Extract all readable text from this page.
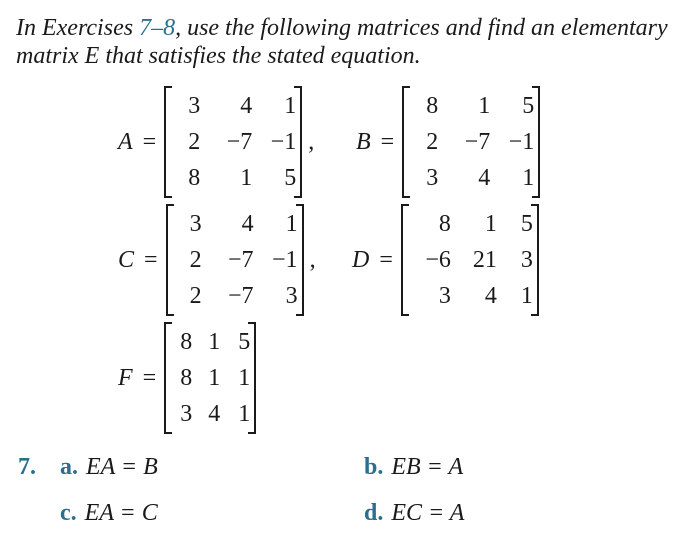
In Exercises 7–8, use the following matrices and find an elementary matrix E that satisfies the stated equation.
A =
3	4	1
2	−7	−1
8	1	5
, B =
8	1	5
2	−7	−1
3	4	1
C =
3	4	1
2	−7	−1
2	−7	3
, D =
8	1	5
−6	21	3
3	4	1
F =
8	1	5
8	1	1
3	4	1
7. a. EA = B	b. EB = A
c. EA = C	d. EC = A
